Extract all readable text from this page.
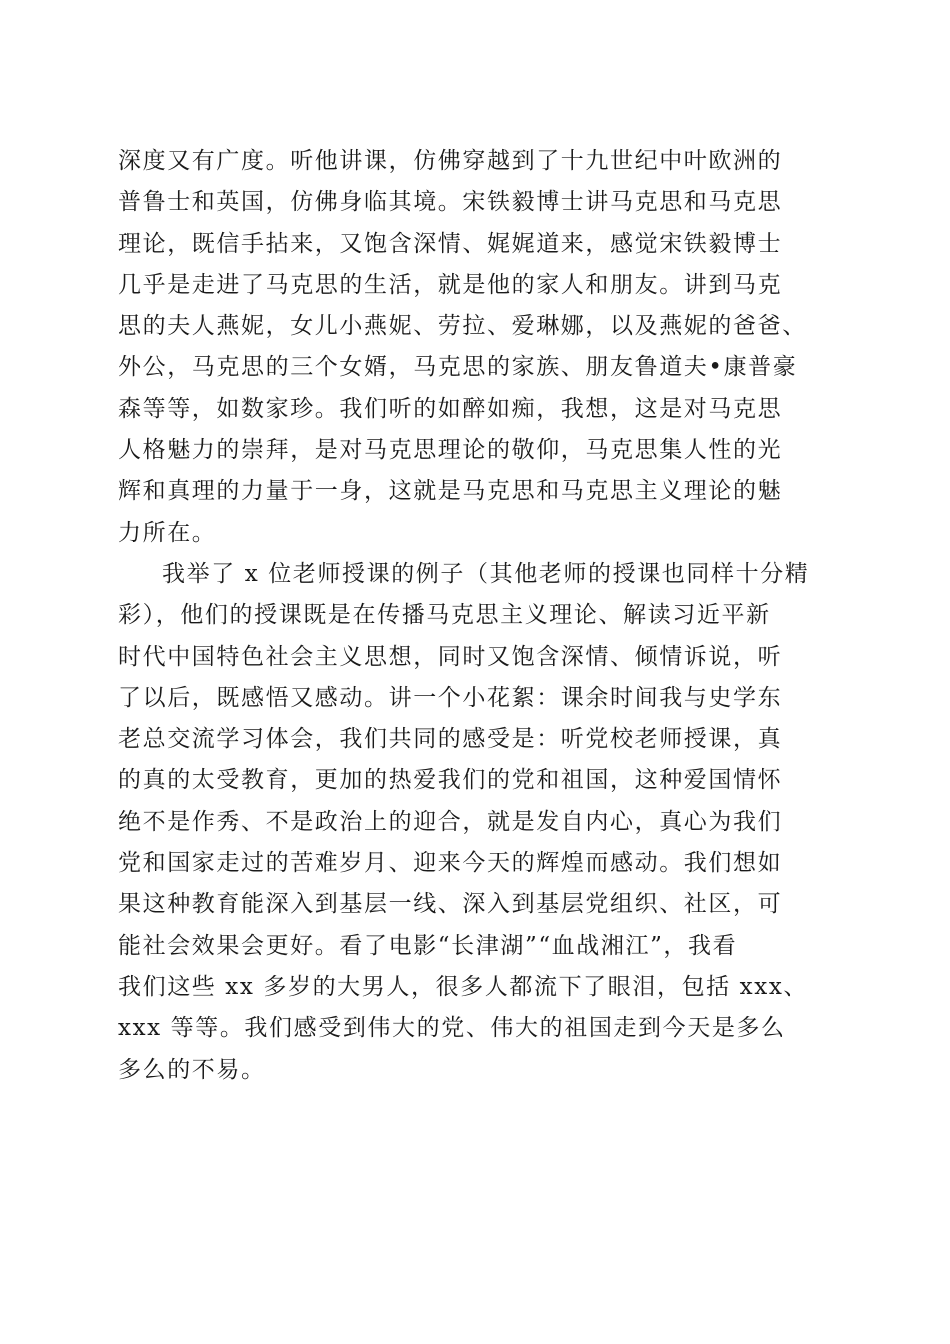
深度又有广度。听他讲课，仿佛穿越到了十九世纪中叶欧洲的
普鲁士和英国，仿佛身临其境。宋铁毅博士讲马克思和马克思
理论，既信手拈来，又饱含深情、娓娓道来，感觉宋铁毅博士
几乎是走进了马克思的生活，就是他的家人和朋友。讲到马克
思的夫人燕妮，女儿小燕妮、劳拉、爱琳娜，以及燕妮的爸爸、
外公，马克思的三个女婿，马克思的家族、朋友鲁道夫•康普豪
森等等，如数家珍。我们听的如醉如痴，我想，这是对马克思
人格魅力的崇拜，是对马克思理论的敬仰，马克思集人性的光
辉和真理的力量于一身，这就是马克思和马克思主义理论的魅
力所在。
我举了 x 位老师授课的例子（其他老师的授课也同样十分精
彩），他们的授课既是在传播马克思主义理论、解读习近平新
时代中国特色社会主义思想，同时又饱含深情、倾情诉说，听
了以后，既感悟又感动。讲一个小花絮：课余时间我与史学东
老总交流学习体会，我们共同的感受是：听党校老师授课，真
的真的太受教育，更加的热爱我们的党和祖国，这种爱国情怀
绝不是作秀、不是政治上的迎合，就是发自内心，真心为我们
党和国家走过的苦难岁月、迎来今天的辉煌而感动。我们想如
果这种教育能深入到基层一线、深入到基层党组织、社区，可
能社会效果会更好。看了电影“长津湖”“血战湘江”，我看
我们这些 xx 多岁的大男人，很多人都流下了眼泪，包括 xxx、
xxx 等等。我们感受到伟大的党、伟大的祖国走到今天是多么
多么的不易。
